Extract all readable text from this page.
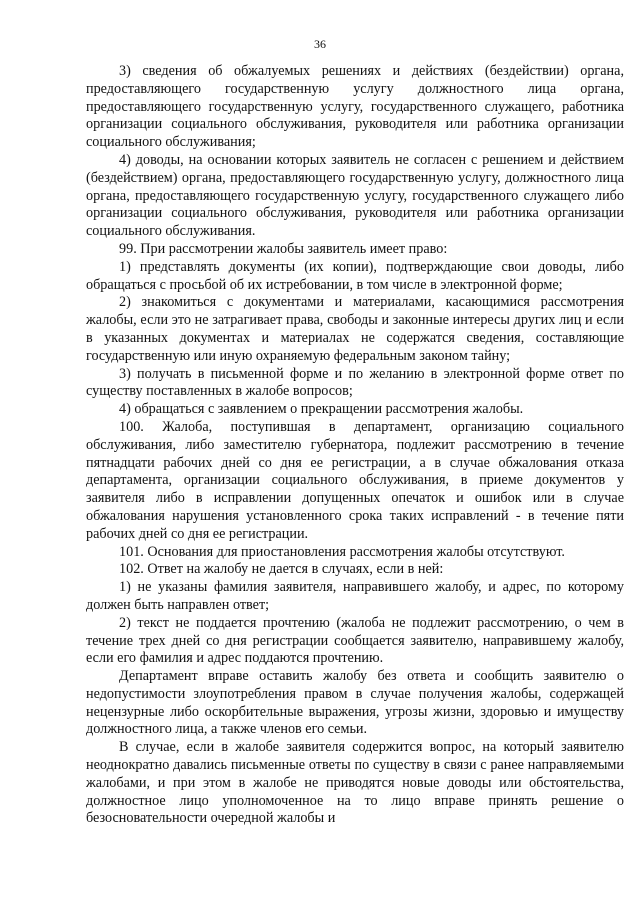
36

3) сведения об обжалуемых решениях и действиях (бездействии) органа, предоставляющего государственную услугу должностного лица органа, предоставляющего государственную услугу, государственного служащего, работника организации социального обслуживания, руководителя или работника организации социального обслуживания;

4) доводы, на основании которых заявитель не согласен с решением и действием (бездействием) органа, предоставляющего государственную услугу, должностного лица органа, предоставляющего государственную услугу, государственного служащего либо организации социального обслуживания, руководителя или работника организации социального обслуживания.

99. При рассмотрении жалобы заявитель имеет право:

1) представлять документы (их копии), подтверждающие свои доводы, либо обращаться с просьбой об их истребовании, в том числе в электронной форме;

2) знакомиться с документами и материалами, касающимися рассмотрения жалобы, если это не затрагивает права, свободы и законные интересы других лиц и если в указанных документах и материалах не содержатся сведения, составляющие государственную или иную охраняемую федеральным законом тайну;

3) получать в письменной форме и по желанию в электронной форме ответ по существу поставленных в жалобе вопросов;

4) обращаться с заявлением о прекращении рассмотрения жалобы.

100. Жалоба, поступившая в департамент, организацию социального обслуживания, либо заместителю губернатора, подлежит рассмотрению в течение пятнадцати рабочих дней со дня ее регистрации, а в случае обжалования отказа департамента, организации социального обслуживания, в приеме документов у заявителя либо в исправлении допущенных опечаток и ошибок или в случае обжалования нарушения установленного срока таких исправлений - в течение пяти рабочих дней со дня ее регистрации.

101. Основания для приостановления рассмотрения жалобы отсутствуют.

102. Ответ на жалобу не дается в случаях, если в ней:

1) не указаны фамилия заявителя, направившего жалобу, и адрес, по которому должен быть направлен ответ;

2) текст не поддается прочтению (жалоба не подлежит рассмотрению, о чем в течение трех дней со дня регистрации сообщается заявителю, направившему жалобу, если его фамилия и адрес поддаются прочтению.

Департамент вправе оставить жалобу без ответа и сообщить заявителю о недопустимости злоупотребления правом в случае получения жалобы, содержащей нецензурные либо оскорбительные выражения, угрозы жизни, здоровью и имуществу должностного лица, а также членов его семьи.

В случае, если в жалобе заявителя содержится вопрос, на который заявителю неоднократно давались письменные ответы по существу в связи с ранее направляемыми жалобами, и при этом в жалобе не приводятся новые доводы или обстоятельства, должностное лицо уполномоченное на то лицо вправе принять решение о безосновательности очередной жалобы и
